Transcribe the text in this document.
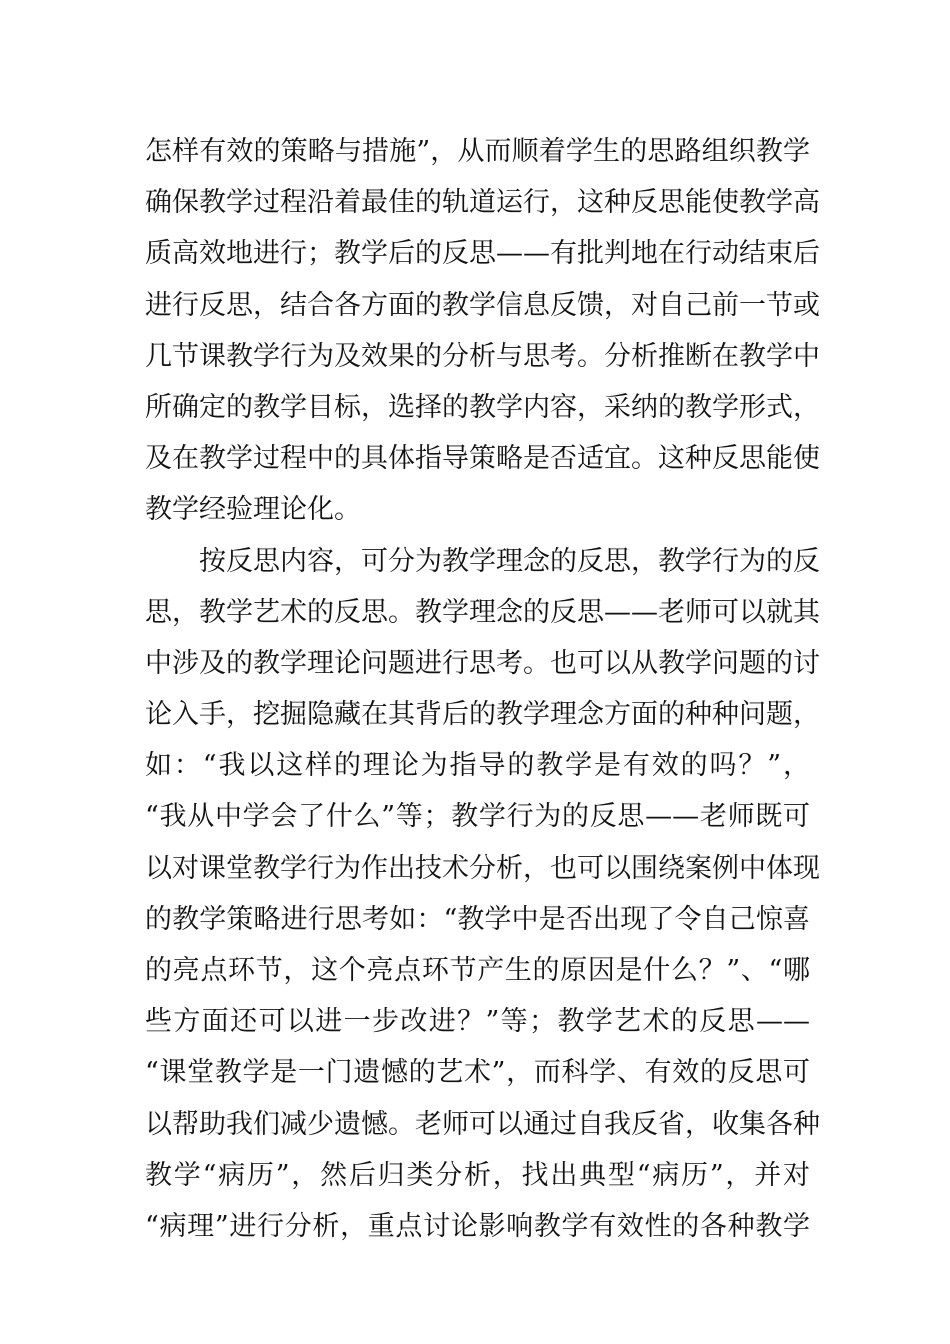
怎样有效的策略与措施”，从而顺着学生的思路组织教学
确保教学过程沿着最佳的轨道运行，这种反思能使教学高
质高效地进行；教学后的反思——有批判地在行动结束后
进行反思，结合各方面的教学信息反馈，对自己前一节或
几节课教学行为及效果的分析与思考。分析推断在教学中
所确定的教学目标，选择的教学内容，采纳的教学形式，
及在教学过程中的具体指导策略是否适宜。这种反思能使
教学经验理论化。
　　按反思内容，可分为教学理念的反思，教学行为的反
思，教学艺术的反思。教学理念的反思——老师可以就其
中涉及的教学理论问题进行思考。也可以从教学问题的讨
论入手，挖掘隐藏在其背后的教学理念方面的种种问题，
如：“我以这样的理论为指导的教学是有效的吗？”，
“我从中学会了什么”等；教学行为的反思——老师既可
以对课堂教学行为作出技术分析，也可以围绕案例中体现
的教学策略进行思考如：“教学中是否出现了令自己惊喜
的亮点环节，这个亮点环节产生的原因是什么？”、“哪
些方面还可以进一步改进？”等；教学艺术的反思——
“课堂教学是一门遗憾的艺术”，而科学、有效的反思可
以帮助我们减少遗憾。老师可以通过自我反省，收集各种
教学“病历”，然后归类分析，找出典型“病历”，并对
“病理”进行分析，重点讨论影响教学有效性的各种教学
